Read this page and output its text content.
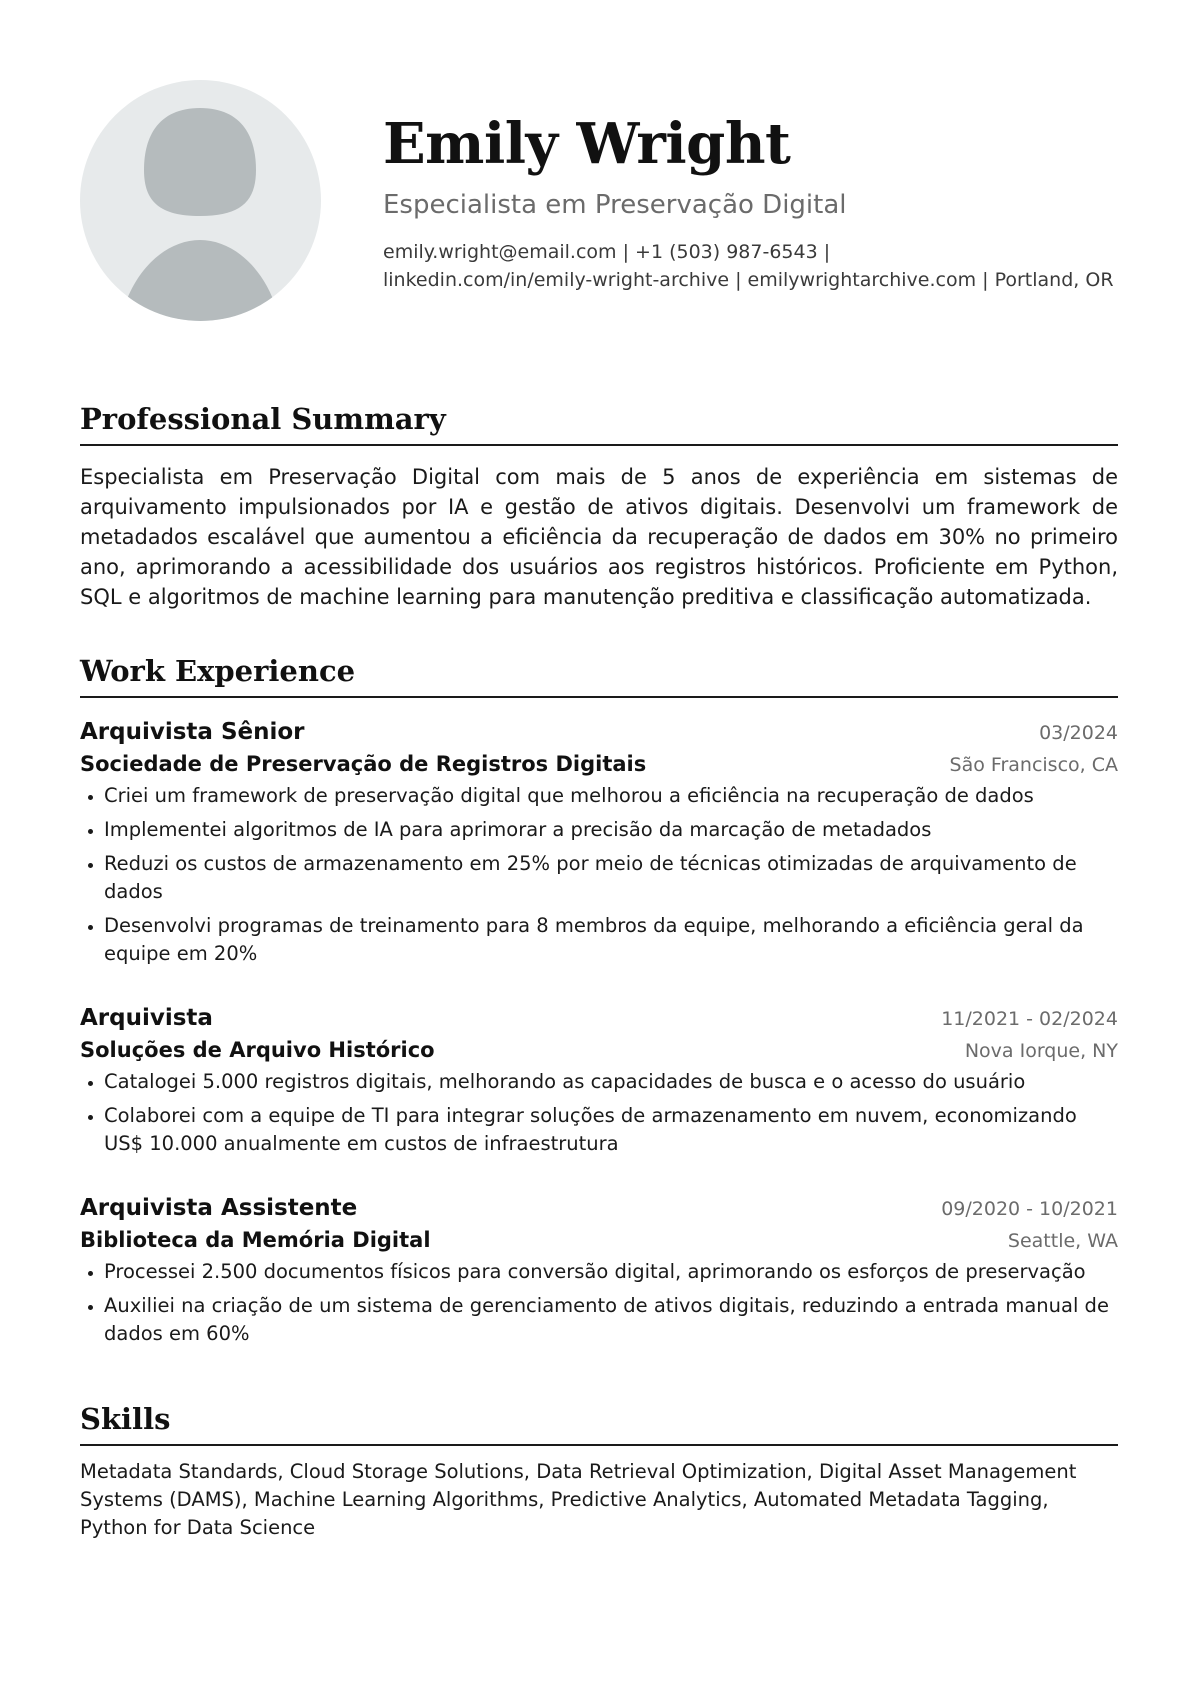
Emily Wright
Especialista em Preservação Digital
emily.wright@email.com | +1 (503) 987-6543 |
linkedin.com/in/emily-wright-archive | emilywrightarchive.com | Portland, OR
Professional Summary

Especialista em Preservação Digital com mais de 5 anos de experiência em sistemas de arquivamento impulsionados por IA e gestão de ativos digitais. Desenvolvi um framework de metadados escalável que aumentou a eficiência da recuperação de dados em 30% no primeiro ano, aprimorando a acessibilidade dos usuários aos registros históricos. Proficiente em Python, SQL e algoritmos de machine learning para manutenção preditiva e classificação automatizada.

Work Experience
Arquivista Sênior	03/2024
Sociedade de Preservação de Registros Digitais	São Francisco, CA
Criei um framework de preservação digital que melhorou a eficiência na recuperação de dados
Implementei algoritmos de IA para aprimorar a precisão da marcação de metadados
Reduzi os custos de armazenamento em 25% por meio de técnicas otimizadas de arquivamento de dados
Desenvolvi programas de treinamento para 8 membros da equipe, melhorando a eficiência geral da equipe em 20%
Arquivista	11/2021 - 02/2024
Soluções de Arquivo Histórico	Nova Iorque, NY
Catalogei 5.000 registros digitais, melhorando as capacidades de busca e o acesso do usuário
Colaborei com a equipe de TI para integrar soluções de armazenamento em nuvem, economizando US$ 10.000 anualmente em custos de infraestrutura
Arquivista Assistente	09/2020 - 10/2021
Biblioteca da Memória Digital	Seattle, WA
Processei 2.500 documentos físicos para conversão digital, aprimorando os esforços de preservação
Auxiliei na criação de um sistema de gerenciamento de ativos digitais, reduzindo a entrada manual de dados em 60%
Skills

Metadata Standards, Cloud Storage Solutions, Data Retrieval Optimization, Digital Asset Management Systems (DAMS), Machine Learning Algorithms, Predictive Analytics, Automated Metadata Tagging, Python for Data Science
